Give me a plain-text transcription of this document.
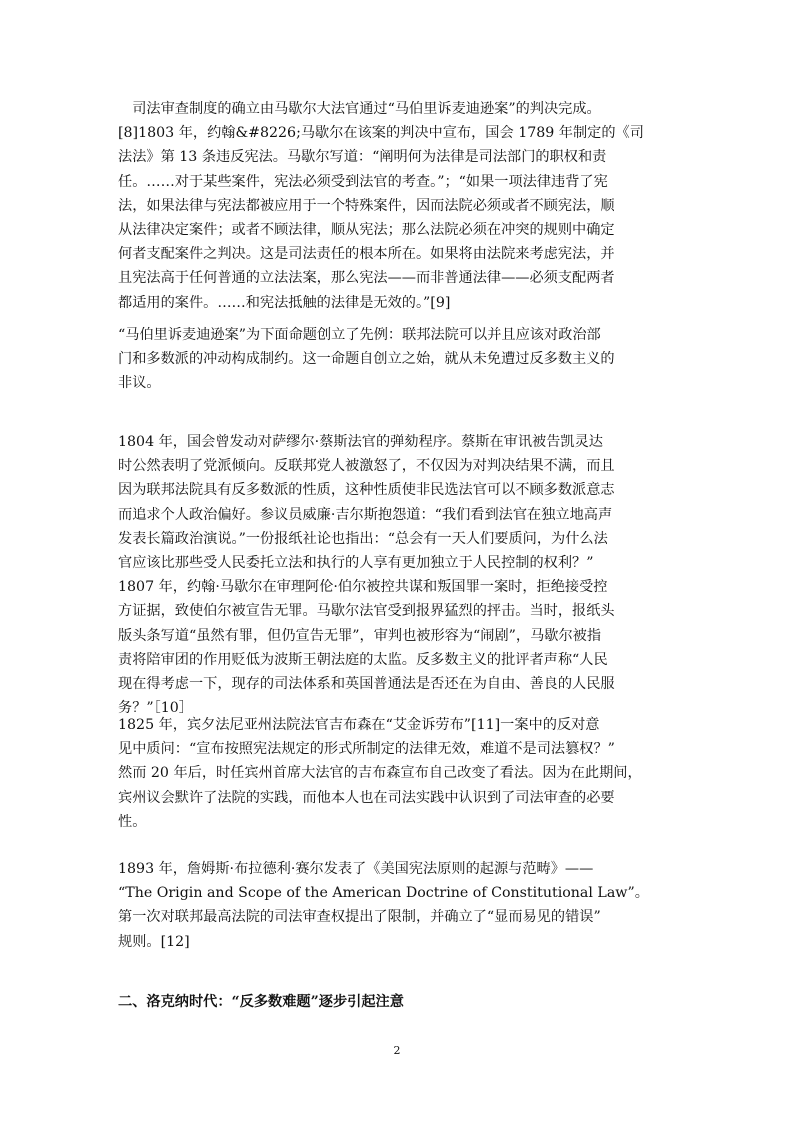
　司法审查制度的确立由马歇尔大法官通过“马伯里诉麦迪逊案”的判决完成。
[8]1803 年，约翰&#8226;马歇尔在该案的判决中宣布，国会 1789 年制定的《司
法法》第 13 条违反宪法。马歇尔写道：“阐明何为法律是司法部门的职权和责
任。……对于某些案件，宪法必须受到法官的考查。”；“如果一项法律违背了宪
法，如果法律与宪法都被应用于一个特殊案件，因而法院必须或者不顾宪法，顺
从法律决定案件；或者不顾法律，顺从宪法；那么法院必须在冲突的规则中确定
何者支配案件之判决。这是司法责任的根本所在。如果将由法院来考虑宪法，并
且宪法高于任何普通的立法法案，那么宪法——而非普通法律——必须支配两者
都适用的案件。……和宪法抵触的法律是无效的。”[9]

“马伯里诉麦迪逊案”为下面命题创立了先例：联邦法院可以并且应该对政治部
门和多数派的冲动构成制约。这一命题自创立之始，就从未免遭过反多数主义的
非议。

1804 年，国会曾发动对萨缪尔·蔡斯法官的弹劾程序。蔡斯在审讯被告凯灵达
时公然表明了党派倾向。反联邦党人被激怒了，不仅因为对判决结果不满，而且
因为联邦法院具有反多数派的性质，这种性质使非民选法官可以不顾多数派意志
而追求个人政治偏好。参议员威廉·吉尔斯抱怨道：“我们看到法官在独立地高声
发表长篇政治演说。”一份报纸社论也指出：“总会有一天人们要质问，为什么法
官应该比那些受人民委托立法和执行的人享有更加独立于人民控制的权利？”
1807 年，约翰·马歇尔在审理阿伦·伯尔被控共谋和叛国罪一案时，拒绝接受控
方证据，致使伯尔被宣告无罪。马歇尔法官受到报界猛烈的抨击。当时，报纸头
版头条写道“虽然有罪，但仍宣告无罪”，审判也被形容为“闹剧”，马歇尔被指
责将陪审团的作用贬低为波斯王朝法庭的太监。反多数主义的批评者声称“人民
现在得考虑一下，现存的司法体系和英国普通法是否还在为自由、善良的人民服
务？”［10］

1825 年，宾夕法尼亚州法院法官吉布森在“艾金诉劳布”[11]一案中的反对意
见中质问：“宣布按照宪法规定的形式所制定的法律无效，难道不是司法篡权？”
然而 20 年后，时任宾州首席大法官的吉布森宣布自己改变了看法。因为在此期间，
宾州议会默许了法院的实践，而他本人也在司法实践中认识到了司法审查的必要
性。

1893 年，詹姆斯·布拉德利·赛尔发表了《美国宪法原则的起源与范畴》——
“The Origin and Scope of the American Doctrine of Constitutional Law”。
第一次对联邦最高法院的司法审查权提出了限制，并确立了“显而易见的错误”
规则。[12]

二、洛克纳时代：“反多数难题”逐步引起注意
2
